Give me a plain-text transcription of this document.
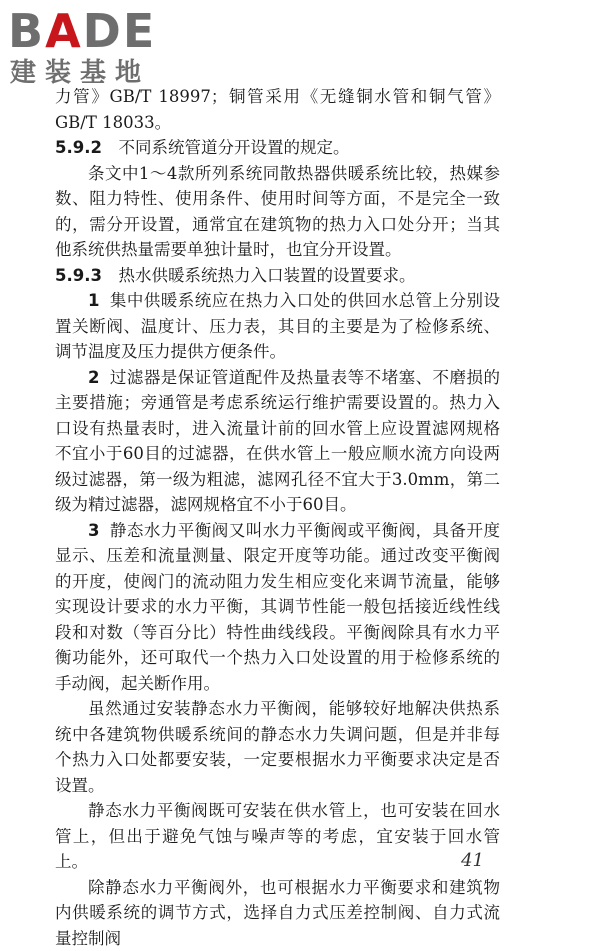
BADE
建装基地

力管》GB/T 18997；铜管采用《无缝铜水管和铜气管》GB/T 18033。

5.9.2 不同系统管道分开设置的规定。

条文中1～4款所列系统同散热器供暖系统比较，热媒参数、阻力特性、使用条件、使用时间等方面，不是完全一致的，需分开设置，通常宜在建筑物的热力入口处分开；当其他系统供热量需要单独计量时，也宜分开设置。

5.9.3 热水供暖系统热力入口装置的设置要求。

1 集中供暖系统应在热力入口处的供回水总管上分别设置关断阀、温度计、压力表，其目的主要是为了检修系统、调节温度及压力提供方便条件。

2 过滤器是保证管道配件及热量表等不堵塞、不磨损的主要措施；旁通管是考虑系统运行维护需要设置的。热力入口设有热量表时，进入流量计前的回水管上应设置滤网规格不宜小于60目的过滤器，在供水管上一般应顺水流方向设两级过滤器，第一级为粗滤，滤网孔径不宜大于3.0mm，第二级为精过滤器，滤网规格宜不小于60目。

3 静态水力平衡阀又叫水力平衡阀或平衡阀，具备开度显示、压差和流量测量、限定开度等功能。通过改变平衡阀的开度，使阀门的流动阻力发生相应变化来调节流量，能够实现设计要求的水力平衡，其调节性能一般包括接近线性线段和对数（等百分比）特性曲线线段。平衡阀除具有水力平衡功能外，还可取代一个热力入口处设置的用于检修系统的手动阀，起关断作用。

虽然通过安装静态水力平衡阀，能够较好地解决供热系统中各建筑物供暖系统间的静态水力失调问题，但是并非每个热力入口处都要安装，一定要根据水力平衡要求决定是否设置。

静态水力平衡阀既可安装在供水管上，也可安装在回水管上，但出于避免气蚀与噪声等的考虑，宜安装于回水管上。

除静态水力平衡阀外，也可根据水力平衡要求和建筑物内供暖系统的调节方式，选择自力式压差控制阀、自力式流量控制阀

41
